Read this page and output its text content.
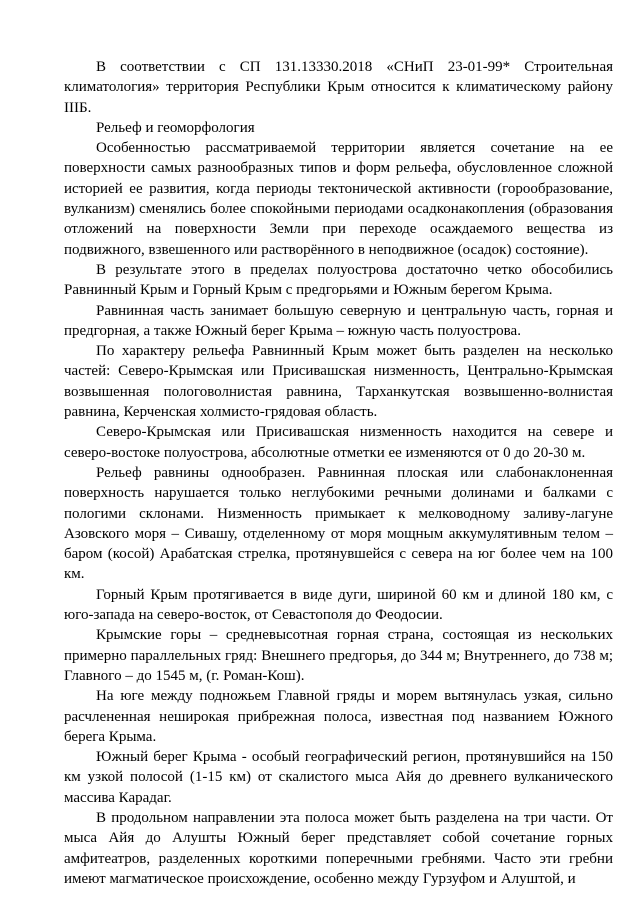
В соответствии с СП 131.13330.2018 «СНиП 23-01-99* Строительная климатология» территория Республики Крым относится к климатическому району IIIБ.

Рельеф и геоморфология

Особенностью рассматриваемой территории является сочетание на ее поверхности самых разнообразных типов и форм рельефа, обусловленное сложной историей ее развития, когда периоды тектонической активности (горообразование, вулканизм) сменялись более спокойными периодами осадконакопления (образования отложений на поверхности Земли при переходе осаждаемого вещества из подвижного, взвешенного или растворённого в неподвижное (осадок) состояние).

В результате этого в пределах полуострова достаточно четко обособились Равнинный Крым и Горный Крым с предгорьями и Южным берегом Крыма.

Равнинная часть занимает большую северную и центральную часть, горная и предгорная, а также Южный берег Крыма – южную часть полуострова.

По характеру рельефа Равнинный Крым может быть разделен на несколько частей: Северо-Крымская или Присивашская низменность, Центрально-Крымская возвышенная пологоволнистая равнина, Тарханкутская возвышенно-волнистая равнина, Керченская холмисто-грядовая область.

Северо-Крымская или Присивашская низменность находится на севере и северо-востоке полуострова, абсолютные отметки ее изменяются от 0 до 20-30 м.

Рельеф равнины однообразен. Равнинная плоская или слабонаклоненная поверхность нарушается только неглубокими речными долинами и балками с пологими склонами. Низменность примыкает к мелководному заливу-лагуне Азовского моря – Сивашу, отделенному от моря мощным аккумулятивным телом – баром (косой) Арабатская стрелка, протянувшейся с севера на юг более чем на 100 км.

Горный Крым протягивается в виде дуги, шириной 60 км и длиной 180 км, с юго-запада на северо-восток, от Севастополя до Феодосии.

Крымские горы – средневысотная горная страна, состоящая из нескольких примерно параллельных гряд: Внешнего предгорья, до 344 м; Внутреннего, до 738 м; Главного – до 1545 м, (г. Роман-Кош).

На юге между подножьем Главной гряды и морем вытянулась узкая, сильно расчлененная неширокая прибрежная полоса, известная под названием Южного берега Крыма.

Южный берег Крыма - особый географический регион, протянувшийся на 150 км узкой полосой (1-15 км) от скалистого мыса Айя до древнего вулканического массива Карадаг.

В продольном направлении эта полоса может быть разделена на три части. От мыса Айя до Алушты Южный берег представляет собой сочетание горных амфитеатров, разделенных короткими поперечными гребнями. Часто эти гребни имеют магматическое происхождение, особенно между Гурзуфом и Алуштой, и
